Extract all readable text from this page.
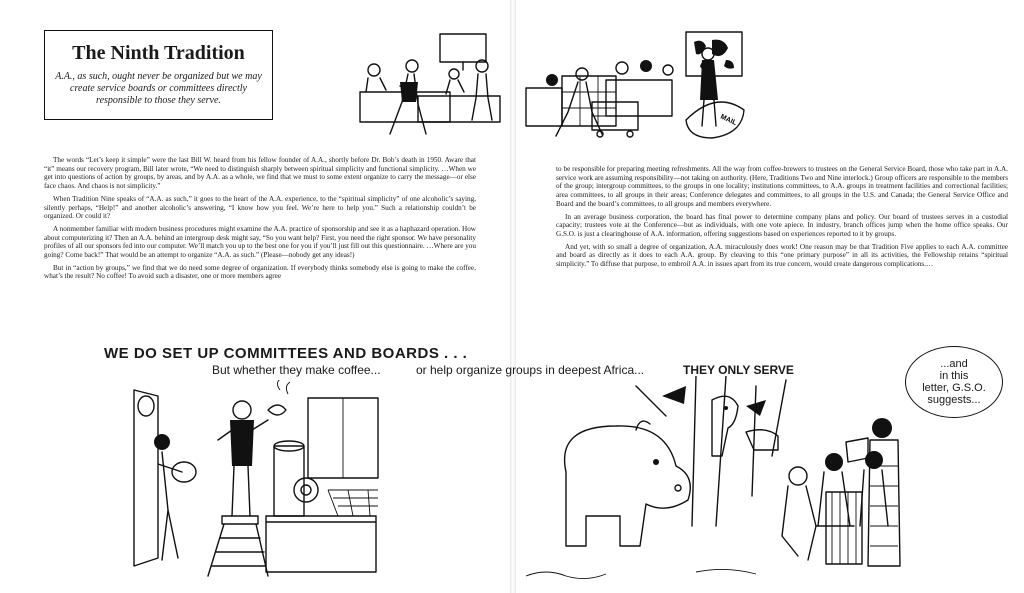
The Ninth Tradition

A.A., as such, ought never be organized but we may create service boards or committees directly responsible to those they serve.

MAIL

The words “Let’s keep it simple” were the last Bill W. heard from his fellow founder of A.A., shortly before Dr. Bob’s death in 1950. Aware that “it” means our recovery program, Bill later wrote, “We need to distinguish sharply between spiritual simplicity and functional simplicity. …When we get into questions of action by groups, by areas, and by A.A. as a whole, we find that we must to some extent organize to carry the message—or else face chaos. And chaos is not simplicity.”

When Tradition Nine speaks of “A.A. as such,” it goes to the heart of the A.A. experience, to the “spiritual simplicity” of one alcoholic’s saying, silently perhaps, “Help!” and another alcoholic’s answering, “I know how you feel. We’re here to help you.” Such a relationship couldn’t be organized. Or could it?

A nonmember familiar with modern business procedures might examine the A.A. practice of sponsorship and see it as a haphazard operation. How about computerizing it? Then an A.A. behind an intergroup desk might say, “So you want help? First, you need the right sponsor. We have personality profiles of all our sponsors fed into our computer. We’ll match you up to the best one for you if you’ll just fill out this questionnaire. …Where are you going? Come back!” That would be an attempt to organize “A.A. as such.” (Please—nobody get any ideas!)

But in “action by groups,” we find that we do need some degree of organization. If everybody thinks somebody else is going to make the coffee, what’s the result? No coffee! To avoid such a disaster, one or more members agree

to be responsible for preparing meeting refreshments. All the way from coffee-brewers to trustees on the General Service Board, those who take part in A.A. service work are assuming responsibility—not taking on authority. (Here, Traditions Two and Nine interlock.) Group officers are responsible to the members of the group; intergroup committees, to the groups in one locality; institutions committees, to A.A. groups in treatment facilities and correctional facilities; area committees, to all groups in their areas; Conference delegates and committees, to all groups in the U.S. and Canada; the General Service Office and Board and the board’s committees, to all groups and members everywhere.

In an average business corporation, the board has final power to determine company plans and policy. Our board of trustees serves in a custodial capacity; trustees vote at the Conference—but as individuals, with one vote apiece. In industry, branch offices jump when the home office speaks. Our G.S.O. is just a clearinghouse of A.A. information, offering suggestions based on experiences reported to it by groups.

And yet, with so small a degree of organization, A.A. miraculously does work! One reason may be that Tradition Five applies to each A.A. committee and board as directly as it does to each A.A. group. By cleaving to this “one primary purpose” in all its activities, the Fellowship retains “spiritual simplicity.” To diffuse that purpose, to embroil A.A. in issues apart from its true concern, would create dangerous complications.…

WE DO SET UP COMMITTEES AND BOARDS . . .
But whether they make coffee...	or help organize groups in deepest Africa...	THEY ONLY SERVE	...and
in this
letter, G.S.O.
suggests...
